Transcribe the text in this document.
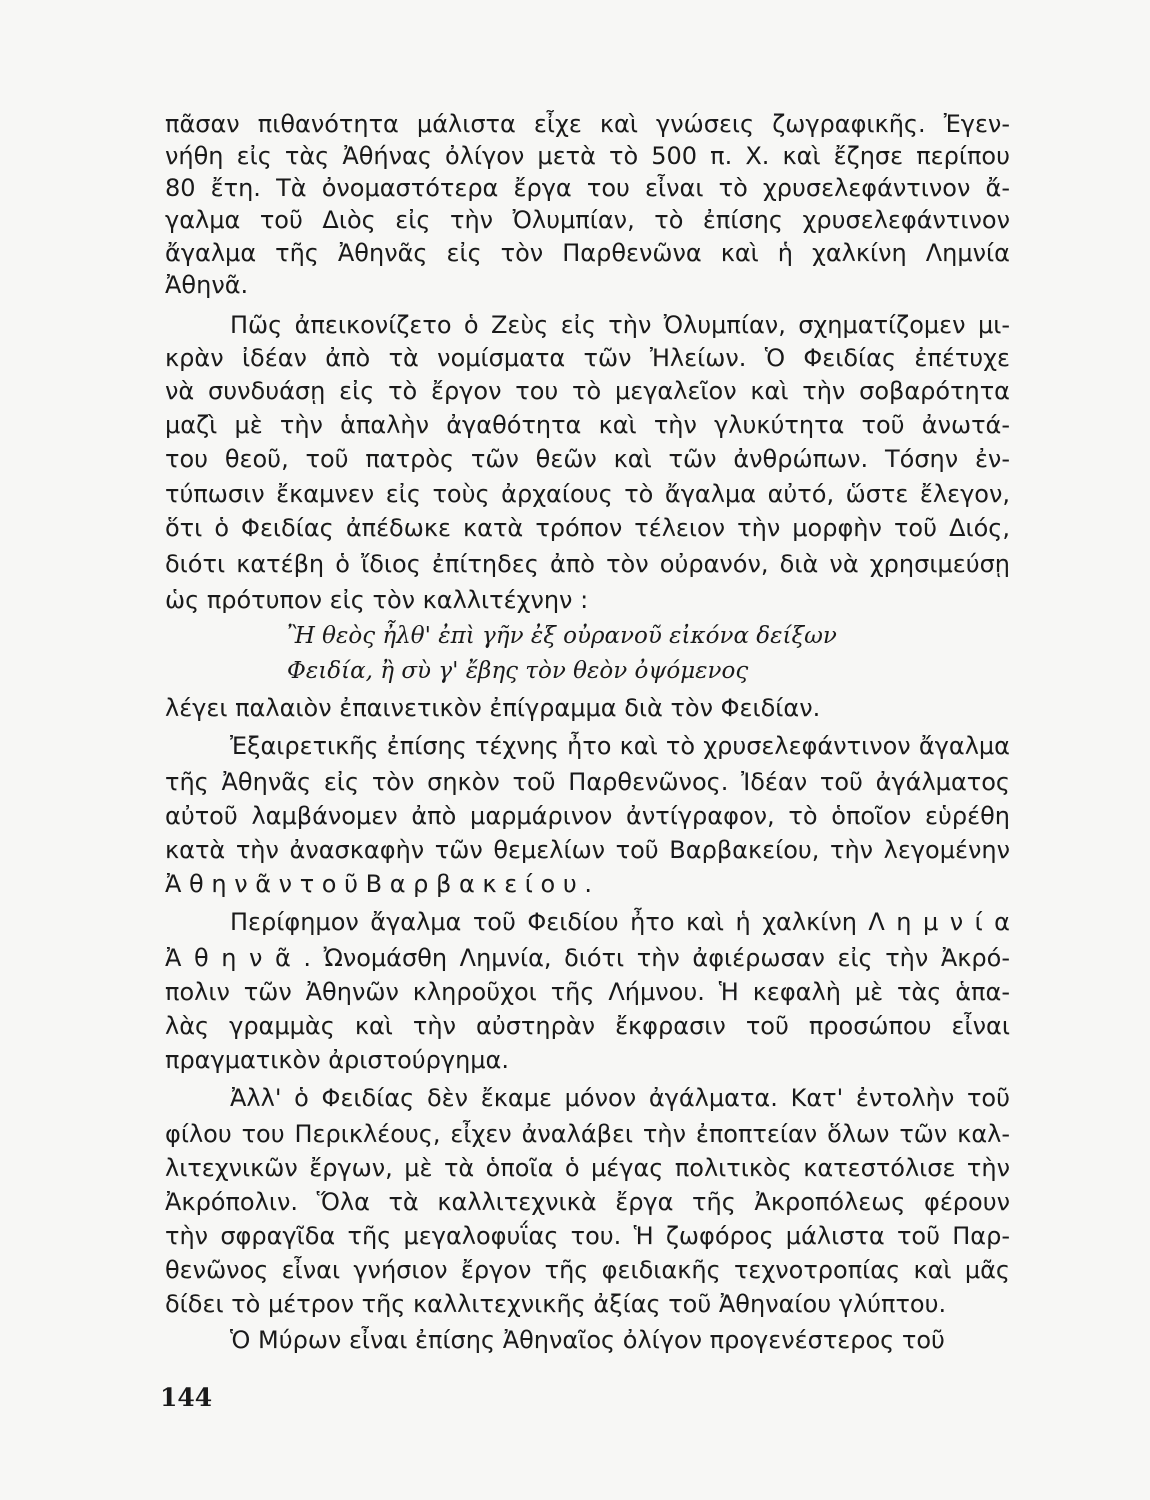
πᾶσαν πιθανότητα μάλιστα εἶχε καὶ γνώσεις ζωγραφικῆς. Ἐγεν-
νήθη εἰς τὰς Ἀθήνας ὀλίγον μετὰ τὸ 500 π. Χ. καὶ ἔζησε περίπου
80 ἔτη. Τὰ ὀνομαστότερα ἔργα του εἶναι τὸ χρυσελεφάντινον ἄ-
γαλμα τοῦ Διὸς εἰς τὴν Ὀλυμπίαν, τὸ ἐπίσης χρυσελεφάντινον
ἄγαλμα τῆς Ἀθηνᾶς εἰς τὸν Παρθενῶνα καὶ ἡ χαλκίνη Λημνία
Ἀθηνᾶ.
Πῶς ἀπεικονίζετο ὁ Ζεὺς εἰς τὴν Ὀλυμπίαν, σχηματίζομεν μι-
κρὰν ἰδέαν ἀπὸ τὰ νομίσματα τῶν Ἠλείων. Ὁ Φειδίας ἐπέτυχε
νὰ συνδυάσῃ εἰς τὸ ἔργον του τὸ μεγαλεῖον καὶ τὴν σοβαρότητα
μαζὶ μὲ τὴν ἁπαλὴν ἀγαθότητα καὶ τὴν γλυκύτητα τοῦ ἀνωτά-
του θεοῦ, τοῦ πατρὸς τῶν θεῶν καὶ τῶν ἀνθρώπων. Τόσην ἐν-
τύπωσιν ἔκαμνεν εἰς τοὺς ἀρχαίους τὸ ἄγαλμα αὐτό, ὥστε ἔλεγον,
ὅτι ὁ Φειδίας ἀπέδωκε κατὰ τρόπον τέλειον τὴν μορφὴν τοῦ Διός,
διότι κατέβη ὁ ἴδιος ἐπίτηδες ἀπὸ τὸν οὐρανόν, διὰ νὰ χρησιμεύσῃ
ὡς πρότυπον εἰς τὸν καλλιτέχνην :
Ἢ θεὸς ἦλθ' ἐπὶ γῆν ἐξ οὐρανοῦ εἰκόνα δείξων
Φειδία, ἢ σὺ γ' ἔβης τὸν θεὸν ὀψόμενος
λέγει παλαιὸν ἐπαινετικὸν ἐπίγραμμα διὰ τὸν Φειδίαν.
Ἐξαιρετικῆς ἐπίσης τέχνης ἦτο καὶ τὸ χρυσελεφάντινον ἄγαλμα
τῆς Ἀθηνᾶς εἰς τὸν σηκὸν τοῦ Παρθενῶνος. Ἰδέαν τοῦ ἀγάλματος
αὐτοῦ λαμβάνομεν ἀπὸ μαρμάρινον ἀντίγραφον, τὸ ὁποῖον εὑρέθη
κατὰ τὴν ἀνασκαφὴν τῶν θεμελίων τοῦ Βαρβακείου, τὴν λεγομένην
Ἀ θ η ν ᾶ ν τ ο ῦ Β α ρ β α κ ε ί ο υ .
Περίφημον ἄγαλμα τοῦ Φειδίου ἦτο καὶ ἡ χαλκίνη Λ η μ ν ί α
Ἀ θ η ν ᾶ . Ὠνομάσθη Λημνία, διότι τὴν ἀφιέρωσαν εἰς τὴν Ἀκρό-
πολιν τῶν Ἀθηνῶν κληροῦχοι τῆς Λήμνου. Ἡ κεφαλὴ μὲ τὰς ἁπα-
λὰς γραμμὰς καὶ τὴν αὐστηρὰν ἔκφρασιν τοῦ προσώπου εἶναι
πραγματικὸν ἀριστούργημα.
Ἀλλ' ὁ Φειδίας δὲν ἔκαμε μόνον ἀγάλματα. Κατ' ἐντολὴν τοῦ
φίλου του Περικλέους, εἶχεν ἀναλάβει τὴν ἐποπτείαν ὅλων τῶν καλ-
λιτεχνικῶν ἔργων, μὲ τὰ ὁποῖα ὁ μέγας πολιτικὸς κατεστόλισε τὴν
Ἀκρόπολιν. Ὅλα τὰ καλλιτεχνικὰ ἔργα τῆς Ἀκροπόλεως φέρουν
τὴν σφραγῖδα τῆς μεγαλοφυΐας του. Ἡ ζωφόρος μάλιστα τοῦ Παρ-
θενῶνος εἶναι γνήσιον ἔργον τῆς φειδιακῆς τεχνοτροπίας καὶ μᾶς
δίδει τὸ μέτρον τῆς καλλιτεχνικῆς ἀξίας τοῦ Ἀθηναίου γλύπτου.
Ὁ Μύρων εἶναι ἐπίσης Ἀθηναῖος ὀλίγον προγενέστερος τοῦ
144
